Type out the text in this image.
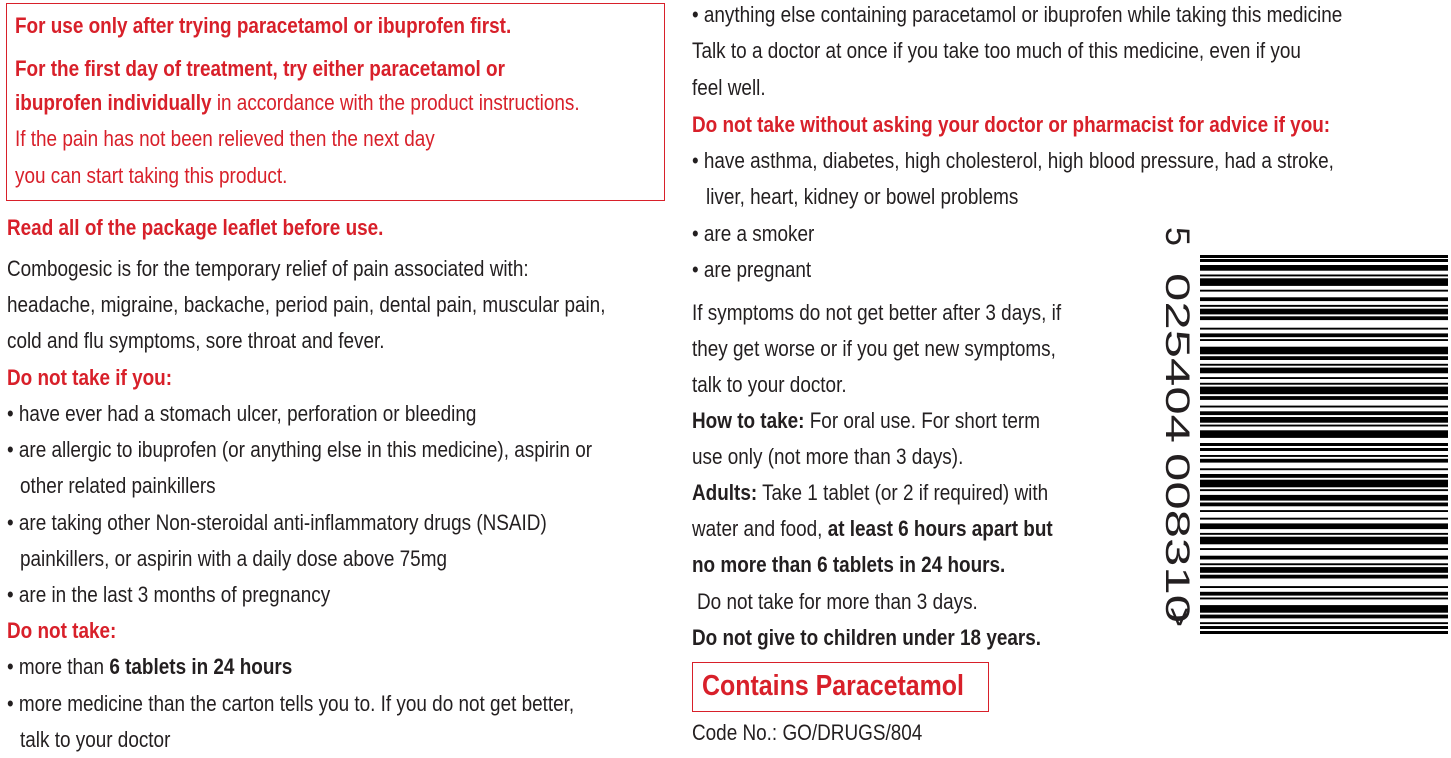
For use only after trying paracetamol or ibuprofen first.
For the first day of treatment, try either paracetamol or
ibuprofen individually in accordance with the product instructions.
If the pain has not been relieved then the next day
you can start taking this product.
Read all of the package leaflet before use.
Combogesic is for the temporary relief of pain associated with:
headache, migraine, backache, period pain, dental pain, muscular pain,
cold and flu symptoms, sore throat and fever.
Do not take if you:
• have ever had a stomach ulcer, perforation or bleeding
• are allergic to ibuprofen (or anything else in this medicine), aspirin or
other related painkillers
• are taking other Non-steroidal anti-inflammatory drugs (NSAID)
painkillers, or aspirin with a daily dose above 75mg
• are in the last 3 months of pregnancy
Do not take:
• more than 6 tablets in 24 hours
• more medicine than the carton tells you to. If you do not get better,
talk to your doctor
• anything else containing paracetamol or ibuprofen while taking this medicine
Talk to a doctor at once if you take too much of this medicine, even if you
feel well.
Do not take without asking your doctor or pharmacist for advice if you:
• have asthma, diabetes, high cholesterol, high blood pressure, had a stroke,
liver, heart, kidney or bowel problems
• are a smoker
• are pregnant
If symptoms do not get better after 3 days, if
they get worse or if you get new symptoms,
talk to your doctor.
How to take: For oral use. For short term
use only (not more than 3 days).
Adults: Take 1 tablet (or 2 if required) with
water and food, at least 6 hours apart but
no more than 6 tablets in 24 hours.
Do not take for more than 3 days.
Do not give to children under 18 years.
Contains Paracetamol
Code No.: GO/DRUGS/804
5
025404
008310
>
